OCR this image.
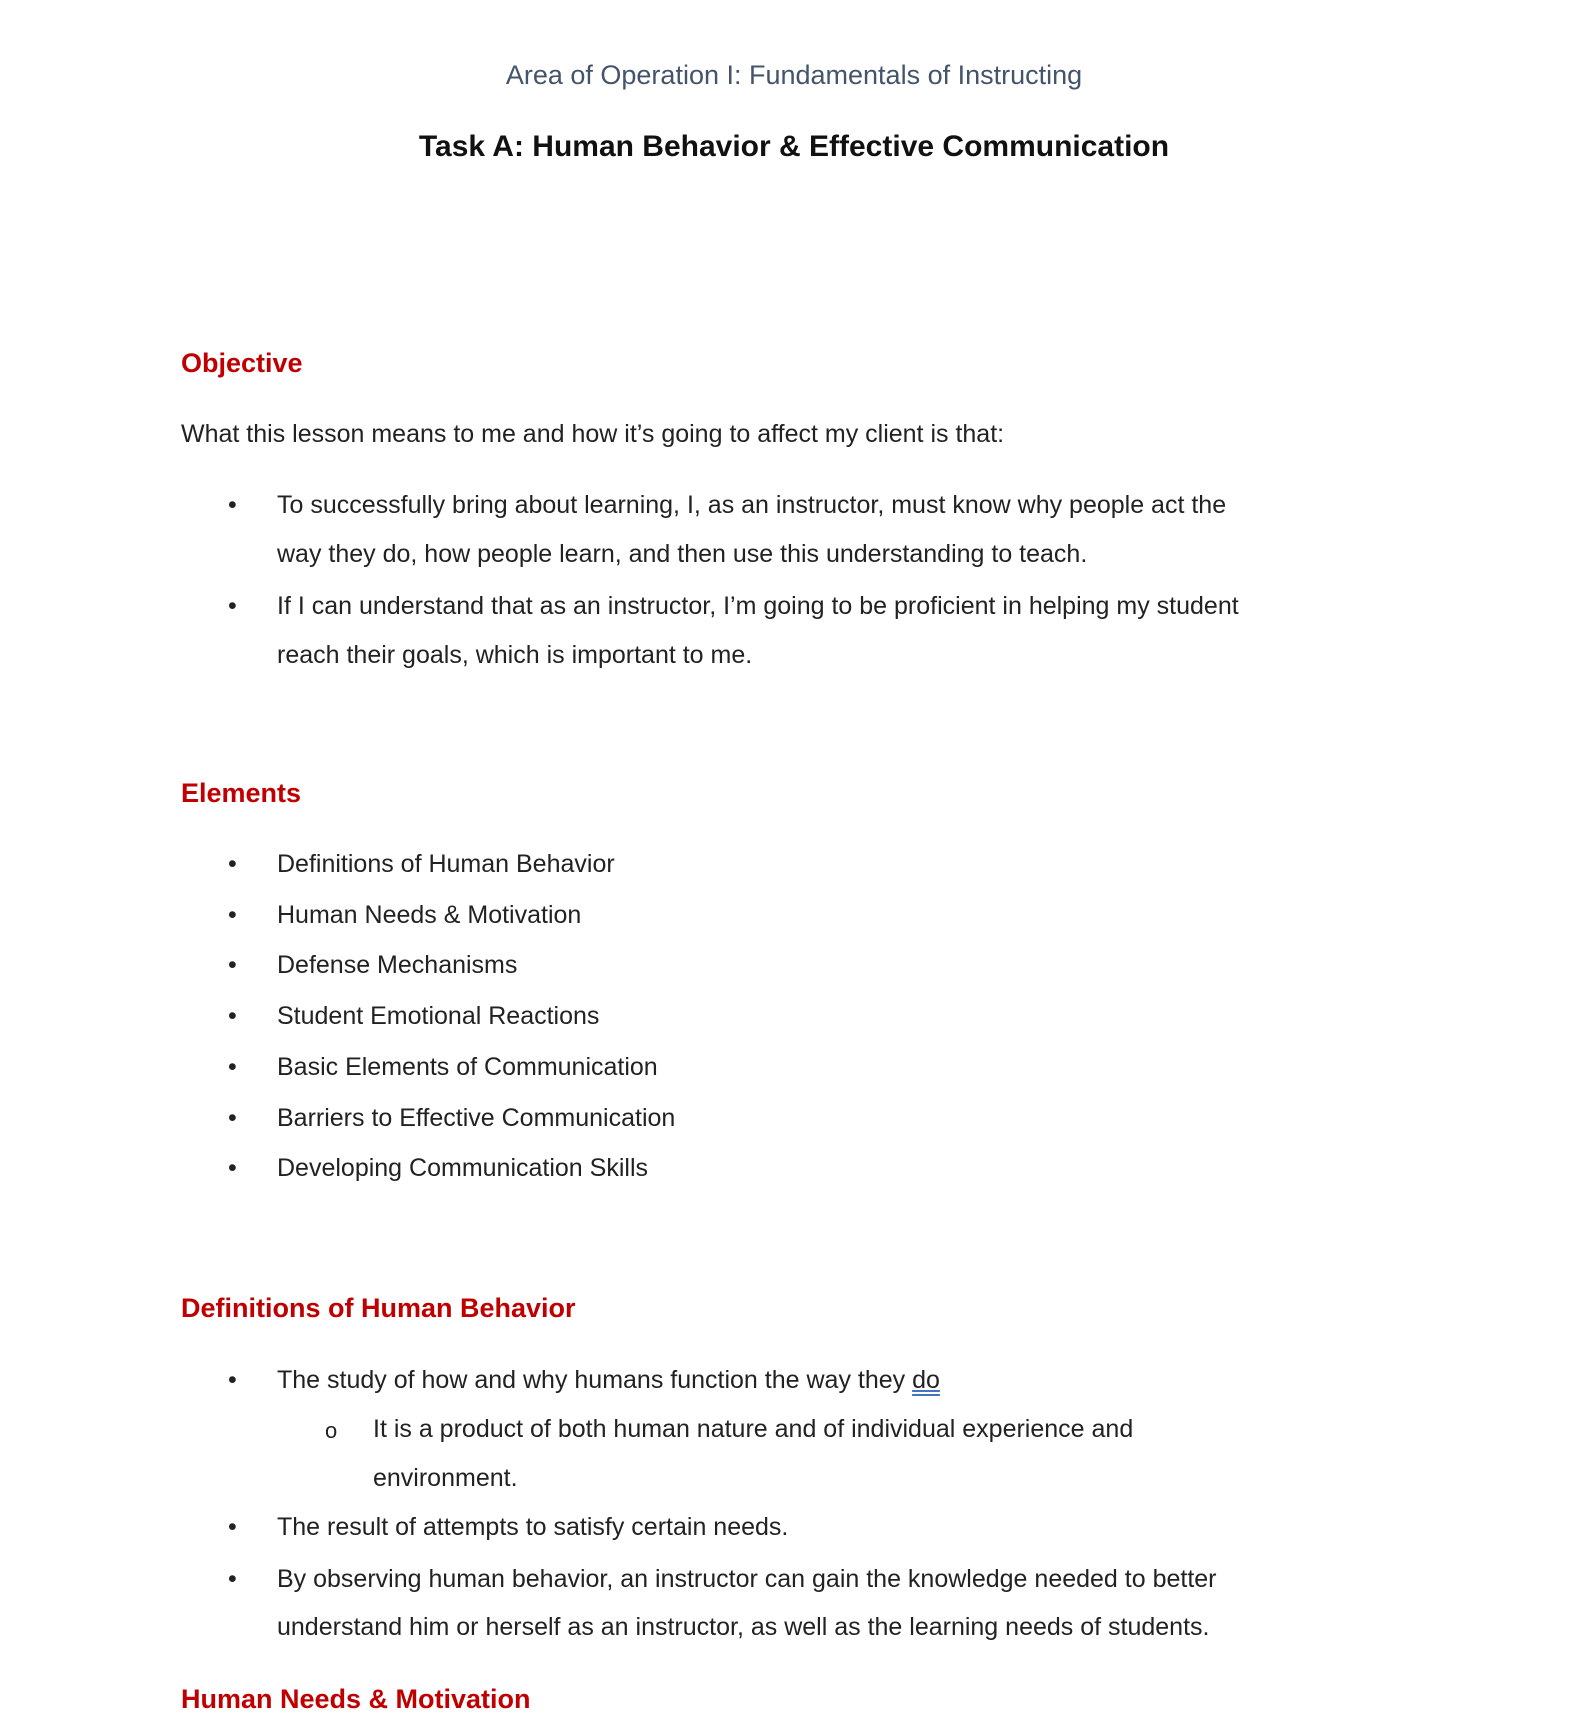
Area of Operation I: Fundamentals of Instructing
Task A: Human Behavior & Effective Communication
Objective
What this lesson means to me and how it’s going to affect my client is that:
• To successfully bring about learning, I, as an instructor, must know why people act the
way they do, how people learn, and then use this understanding to teach.
• If I can understand that as an instructor, I’m going to be proficient in helping my student
reach their goals, which is important to me.
Elements
• Definitions of Human Behavior
• Human Needs & Motivation
• Defense Mechanisms
• Student Emotional Reactions
• Basic Elements of Communication
• Barriers to Effective Communication
• Developing Communication Skills
Definitions of Human Behavior
• The study of how and why humans function the way they do
o It is a product of both human nature and of individual experience and
environment.
• The result of attempts to satisfy certain needs.
• By observing human behavior, an instructor can gain the knowledge needed to better
understand him or herself as an instructor, as well as the learning needs of students.
Human Needs & Motivation
